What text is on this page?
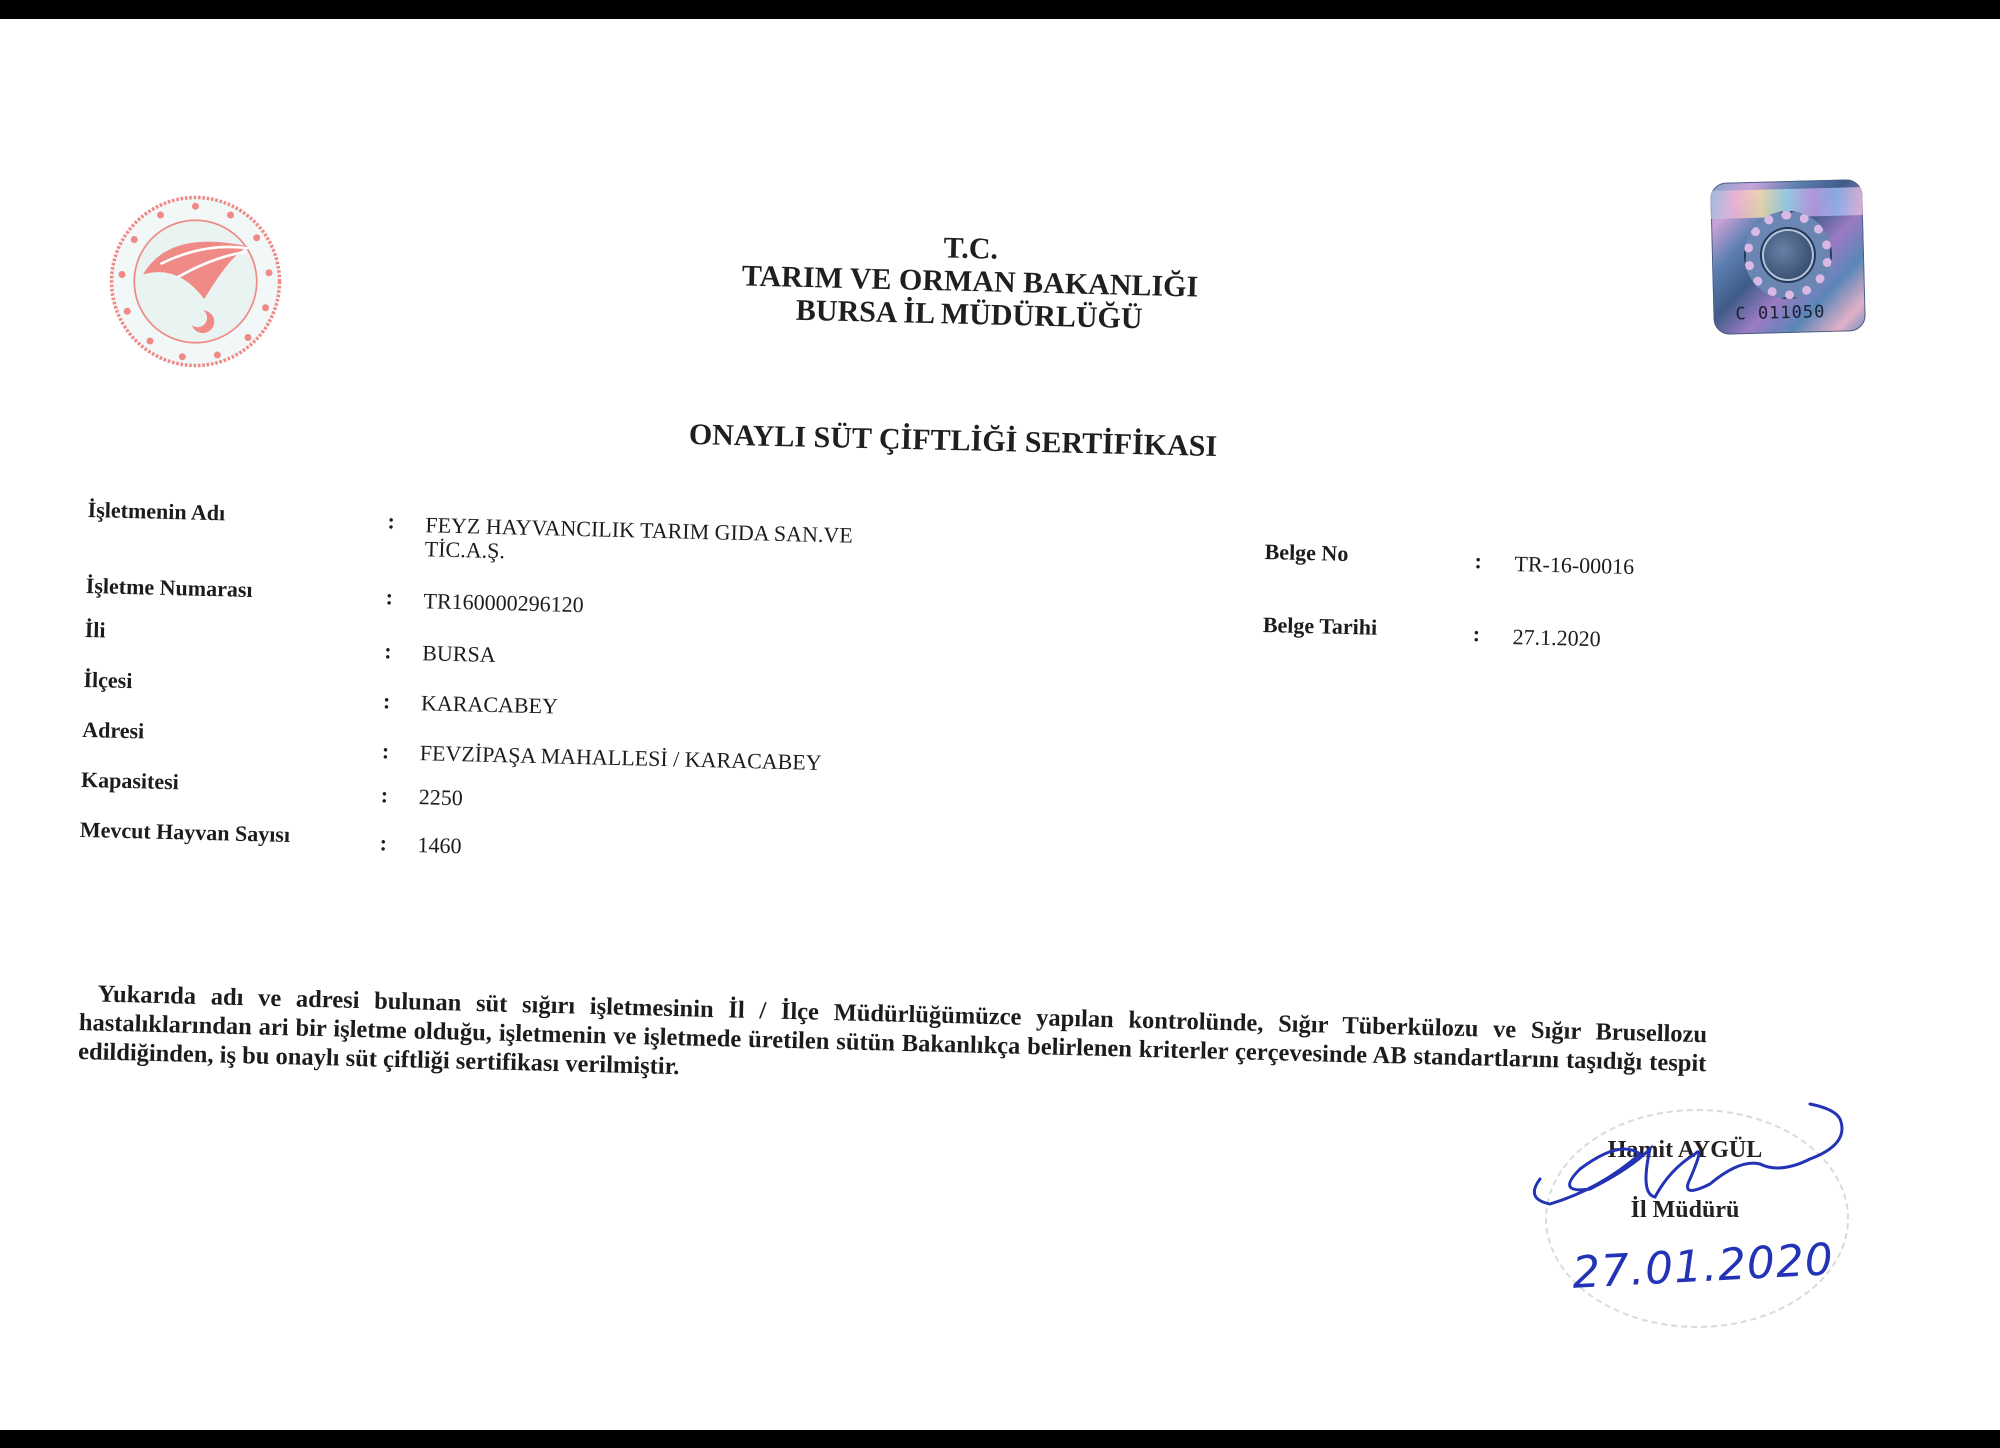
T.C.
TARIM VE ORMAN BAKANLIĞI
BURSA İL MÜDÜRLÜĞÜ	C 011050
ONAYLI SÜT ÇİFTLİĞİ SERTİFİKASI
İşletmenin Adı	: FEYZ HAYVANCILIK TARIM GIDA SAN.VE TİC.A.Ş.
İşletme Numarası	: TR160000296120
İli
: BURSA
İlçesi
: KARACABEY
Adresi
: FEVZİPAŞA MAHALLESİ / KARACABEY
Kapasitesi
: 2250
Mevcut Hayvan Sayısı	: 1460
Belge No	: TR-16-00016
Belge Tarihi	: 27.1.2020
Yukarıda adı ve adresi bulunan süt sığırı işletmesinin İl / İlçe Müdürlüğümüzce yapılan kontrolünde, Sığır Tüberkülozu ve Sığır Brusellozu hastalıklarından ari bir işletme olduğu, işletmenin ve işletmede üretilen sütün Bakanlıkça belirlenen kriterler çerçevesinde AB standartlarını taşıdığı tespit edildiğinden, iş bu onaylı süt çiftliği sertifikası verilmiştir.
Hamit AYGÜL
İl Müdürü
27.01.2020
